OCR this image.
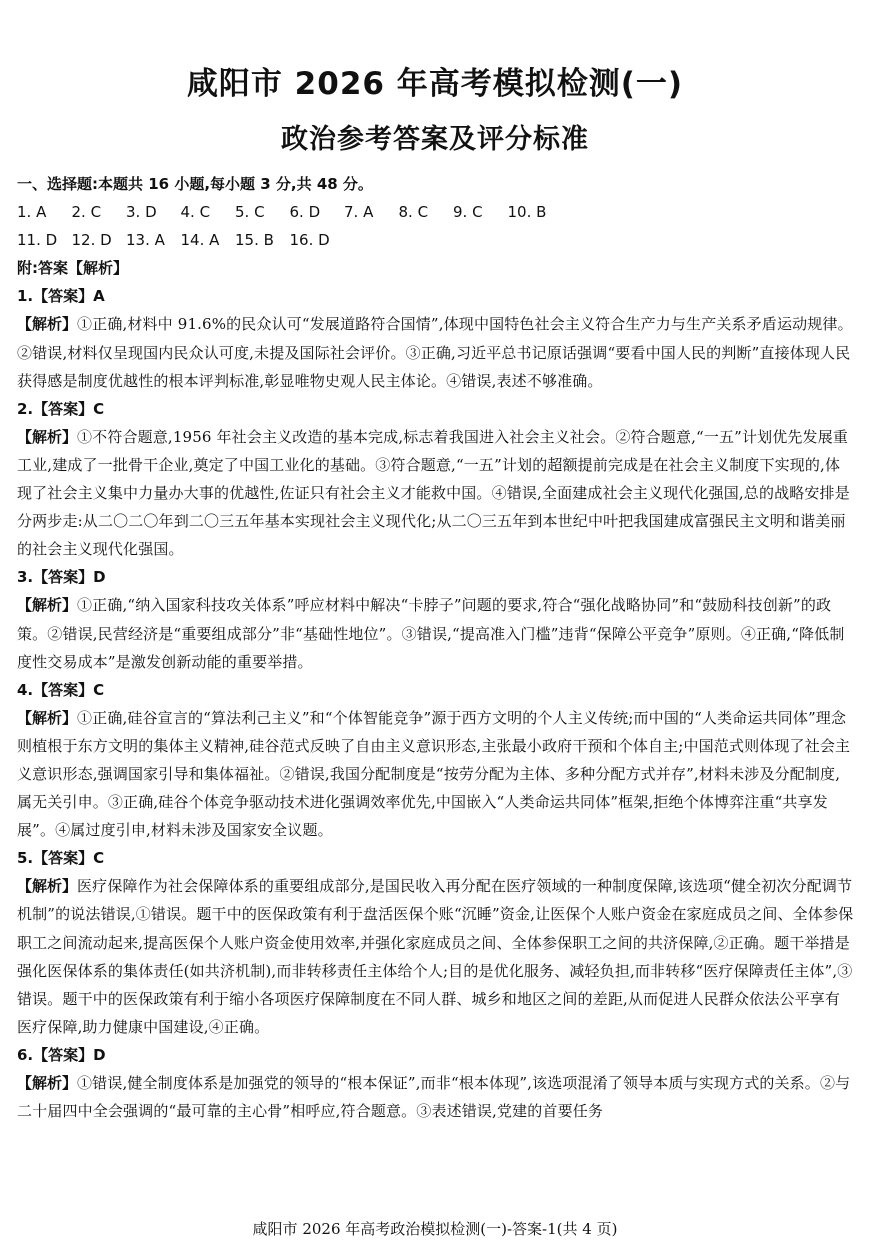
咸阳市 2026 年高考模拟检测(一)
政治参考答案及评分标准
一、选择题:本题共 16 小题,每小题 3 分,共 48 分。
1. A	2. C	3. D	4. C	5. C	6. D	7. A	8. C	9. C	10. B
11. D 12. D 13. A	14. A	15. B	16. D
附:答案【解析】
1.【答案】A
【解析】①正确,材料中 91.6%的民众认可“发展道路符合国情”,体现中国特色社会主义符合生产力与生产关系矛盾运动规律。②错误,材料仅呈现国内民众认可度,未提及国际社会评价。③正确,习近平总书记原话强调“要看中国人民的判断”直接体现人民获得感是制度优越性的根本评判标准,彰显唯物史观人民主体论。④错误,表述不够准确。
2.【答案】C
【解析】①不符合题意,1956 年社会主义改造的基本完成,标志着我国进入社会主义社会。②符合题意,“一五”计划优先发展重工业,建成了一批骨干企业,奠定了中国工业化的基础。③符合题意,“一五”计划的超额提前完成是在社会主义制度下实现的,体现了社会主义集中力量办大事的优越性,佐证只有社会主义才能救中国。④错误,全面建成社会主义现代化强国,总的战略安排是分两步走:从二〇二〇年到二〇三五年基本实现社会主义现代化;从二〇三五年到本世纪中叶把我国建成富强民主文明和谐美丽的社会主义现代化强国。
3.【答案】D
【解析】①正确,“纳入国家科技攻关体系”呼应材料中解决“卡脖子”问题的要求,符合“强化战略协同”和“鼓励科技创新”的政策。②错误,民营经济是“重要组成部分”非“基础性地位”。③错误,“提高准入门槛”违背“保障公平竞争”原则。④正确,“降低制度性交易成本”是激发创新动能的重要举措。
4.【答案】C
【解析】①正确,硅谷宣言的“算法利己主义”和“个体智能竞争”源于西方文明的个人主义传统;而中国的“人类命运共同体”理念则植根于东方文明的集体主义精神,硅谷范式反映了自由主义意识形态,主张最小政府干预和个体自主;中国范式则体现了社会主义意识形态,强调国家引导和集体福祉。②错误,我国分配制度是“按劳分配为主体、多种分配方式并存”,材料未涉及分配制度,属无关引申。③正确,硅谷个体竞争驱动技术进化强调效率优先,中国嵌入“人类命运共同体”框架,拒绝个体博弈注重“共享发展”。④属过度引申,材料未涉及国家安全议题。
5.【答案】C
【解析】医疗保障作为社会保障体系的重要组成部分,是国民收入再分配在医疗领域的一种制度保障,该选项“健全初次分配调节机制”的说法错误,①错误。题干中的医保政策有利于盘活医保个账“沉睡”资金,让医保个人账户资金在家庭成员之间、全体参保职工之间流动起来,提高医保个人账户资金使用效率,并强化家庭成员之间、全体参保职工之间的共济保障,②正确。题干举措是强化医保体系的集体责任(如共济机制),而非转移责任主体给个人;目的是优化服务、减轻负担,而非转移“医疗保障责任主体”,③错误。题干中的医保政策有利于缩小各项医疗保障制度在不同人群、城乡和地区之间的差距,从而促进人民群众依法公平享有医疗保障,助力健康中国建设,④正确。
6.【答案】D
【解析】①错误,健全制度体系是加强党的领导的“根本保证”,而非“根本体现”,该选项混淆了领导本质与实现方式的关系。②与二十届四中全会强调的“最可靠的主心骨”相呼应,符合题意。③表述错误,党建的首要任务
咸阳市 2026 年高考政治模拟检测(一)-答案-1(共 4 页)
